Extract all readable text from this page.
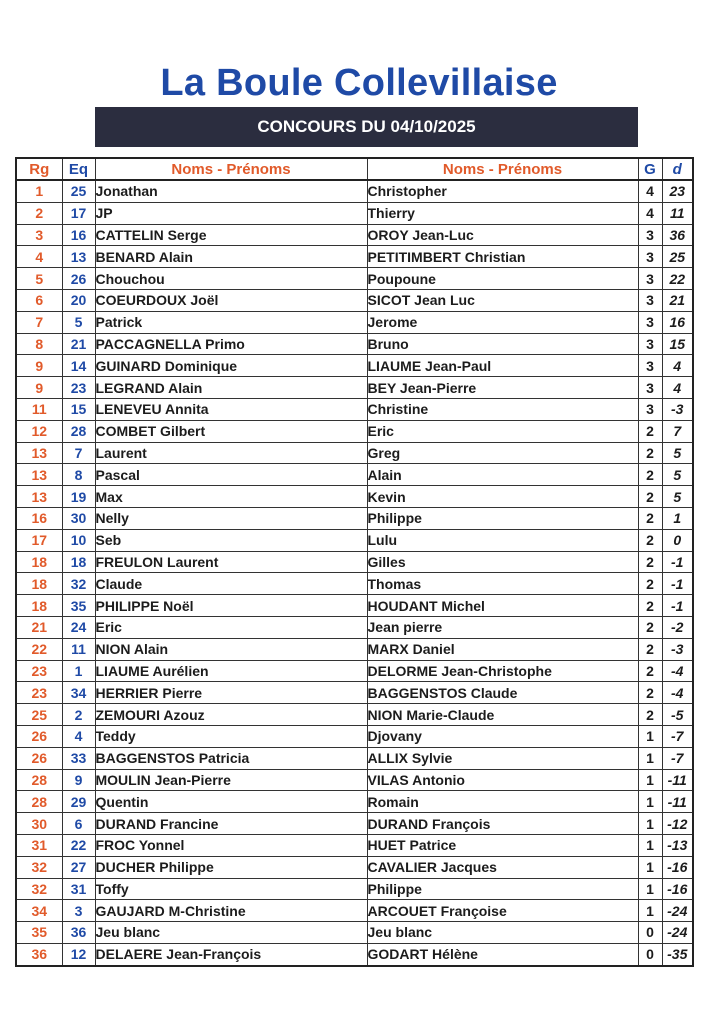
La Boule Collevillaise
CONCOURS DU 04/10/2025
Rg	Eq	Noms - Prénoms	Noms - Prénoms	G	d
1	25	Jonathan	Christopher	4	23
2	17	JP	Thierry	4	11
3	16	CATTELIN Serge	OROY Jean-Luc	3	36
4	13	BENARD Alain	PETITIMBERT Christian	3	25
5	26	Chouchou	Poupoune	3	22
6	20	COEURDOUX Joël	SICOT Jean Luc	3	21
7	5	Patrick	Jerome	3	16
8	21	PACCAGNELLA Primo	Bruno	3	15
9	14	GUINARD Dominique	LIAUME Jean-Paul	3	4
9	23	LEGRAND Alain	BEY Jean-Pierre	3	4
11	15	LENEVEU Annita	Christine	3	-3
12	28	COMBET Gilbert	Eric	2	7
13	7	Laurent	Greg	2	5
13	8	Pascal	Alain	2	5
13	19	Max	Kevin	2	5
16	30	Nelly	Philippe	2	1
17	10	Seb	Lulu	2	0
18	18	FREULON Laurent	Gilles	2	-1
18	32	Claude	Thomas	2	-1
18	35	PHILIPPE Noël	HOUDANT Michel	2	-1
21	24	Eric	Jean pierre	2	-2
22	11	NION Alain	MARX Daniel	2	-3
23	1	LIAUME Aurélien	DELORME Jean-Christophe	2	-4
23	34	HERRIER Pierre	BAGGENSTOS Claude	2	-4
25	2	ZEMOURI Azouz	NION Marie-Claude	2	-5
26	4	Teddy	Djovany	1	-7
26	33	BAGGENSTOS Patricia	ALLIX Sylvie	1	-7
28	9	MOULIN Jean-Pierre	VILAS Antonio	1	-11
28	29	Quentin	Romain	1	-11
30	6	DURAND Francine	DURAND François	1	-12
31	22	FROC Yonnel	HUET Patrice	1	-13
32	27	DUCHER Philippe	CAVALIER Jacques	1	-16
32	31	Toffy	Philippe	1	-16
34	3	GAUJARD M-Christine	ARCOUET Françoise	1	-24
35	36	Jeu blanc	Jeu blanc	0	-24
36	12	DELAERE Jean-François	GODART Hélène	0	-35
